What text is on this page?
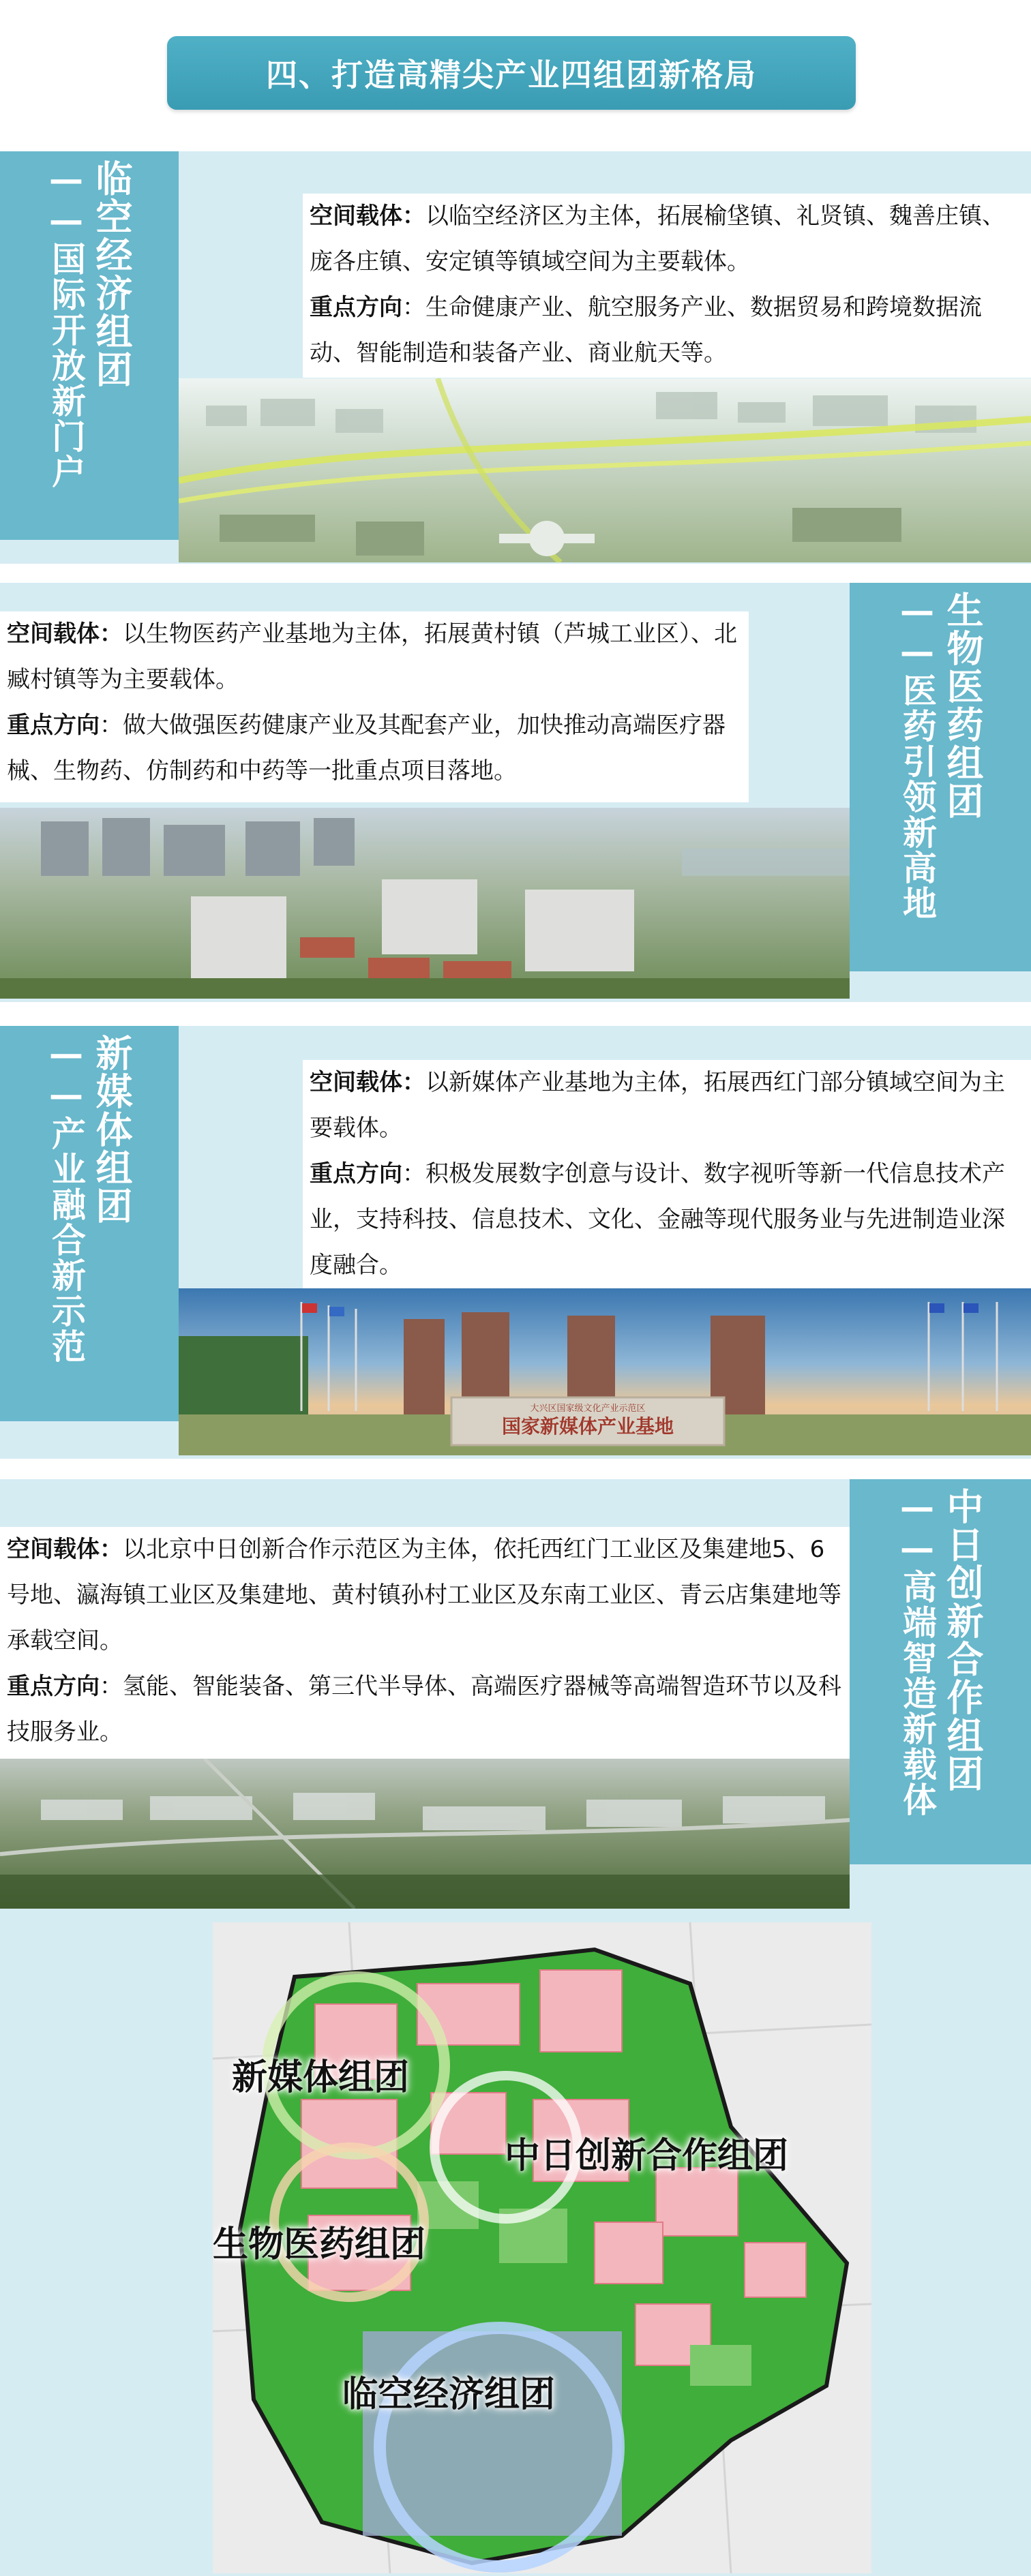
四、打造高精尖产业四组团新格局
临空经济组团
——国际开放新门户	空间载体：以临空经济区为主体，拓展榆垡镇、礼贤镇、魏善庄镇、庞各庄镇、安定镇等镇域空间为主要载体。
重点方向：生命健康产业、航空服务产业、数据贸易和跨境数据流动、智能制造和装备产业、商业航天等。
空间载体：以生物医药产业基地为主体，拓展黄村镇（芦城工业区）、北臧村镇等为主要载体。
重点方向：做大做强医药健康产业及其配套产业，加快推动高端医疗器械、生物药、仿制药和中药等一批重点项目落地。	生物医药组团
——医药引领新高地
新媒体组团
——产业融合新示范	空间载体：以新媒体产业基地为主体，拓展西红门部分镇域空间为主要载体。
重点方向：积极发展数字创意与设计、数字视听等新一代信息技术产业，支持科技、信息技术、文化、金融等现代服务业与先进制造业深度融合。
大兴区国家级文化产业示范区
国家新媒体产业基地
空间载体：以北京中日创新合作示范区为主体，依托西红门工业区及集建地5、6号地、瀛海镇工业区及集建地、黄村镇孙村工业区及东南工业区、青云店集建地等承载空间。
重点方向：氢能、智能装备、第三代半导体、高端医疗器械等高端智造环节以及科技服务业。	中日创新合作组团
——高端智造新载体
新媒体组团
中日创新合作组团
生物医药组团
临空经济组团
